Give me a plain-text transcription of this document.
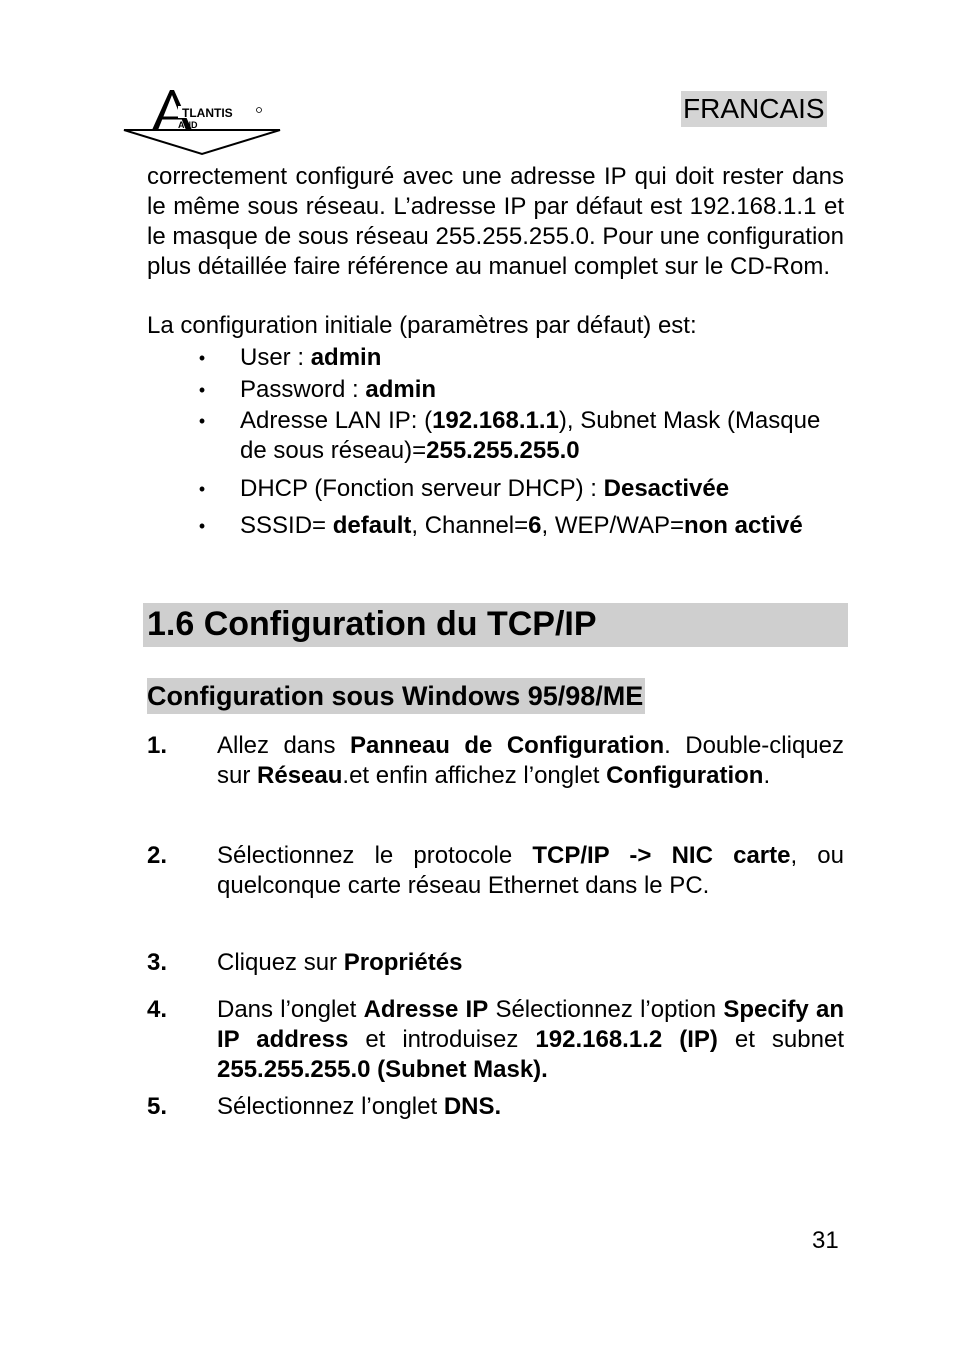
TLANTIS
AND
FRANCAIS

correctement configuré avec une adresse IP qui doit rester dans le même sous réseau. L’adresse IP par défaut est 192.168.1.1 et le masque de sous réseau 255.255.255.0. Pour une configuration plus détaillée faire référence au manuel complet sur le CD-Rom.

La configuration initiale (paramètres par défaut) est:
• User : admin
• Password : admin
• Adresse LAN IP: (192.168.1.1), Subnet Mask (Masque de sous réseau)=255.255.255.0
• DHCP (Fonction serveur DHCP) : Desactivée
• SSSID= default, Channel=6, WEP/WAP=non activé
1.6 Configuration du TCP/IP
Configuration sous Windows 95/98/ME
1. Allez dans Panneau de Configuration. Double-cliquez sur Réseau.et enfin affichez l’onglet Configuration.
2. Sélectionnez le protocole TCP/IP -> NIC carte, ou quelconque carte réseau Ethernet dans le PC.
3. Cliquez sur Propriétés
4. Dans l’onglet Adresse IP Sélectionnez l’option Specify an IP address et introduisez 192.168.1.2 (IP) et subnet 255.255.255.0 (Subnet Mask).
5. Sélectionnez l’onglet DNS.
31
